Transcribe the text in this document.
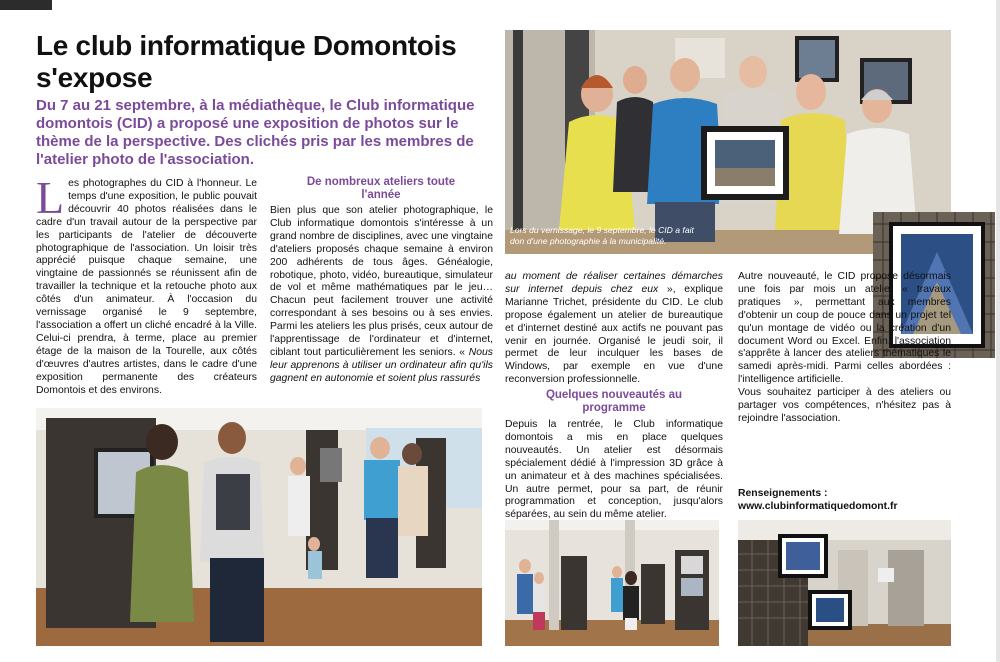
Le club informatique Domontois s'expose

Du 7 au 21 septembre, à la médiathèque, le Club informatique domontois (CID) a proposé une exposition de photos sur le thème de la perspective. Des clichés pris par les membres de l'atelier photo de l'association.

Lors du vernissage, le 9 septembre, le CID a fait don d'une photographie à la municipalité.

Les photographes du CID à l'honneur. Le temps d'une exposition, le public pouvait découvrir 40 photos réalisées dans le cadre d'un travail autour de la perspective par les participants de l'atelier de découverte photographique de l'association. Un loisir très apprécié puisque chaque semaine, une vingtaine de passionnés se réunissent afin de travailler la technique et la retouche photo aux côtés d'un animateur. À l'occasion du vernissage organisé le 9 septembre, l'association a offert un cliché encadré à la Ville. Celui-ci prendra, à terme, place au premier étage de la maison de la Tourelle, aux côtés d'œuvres d'autres artistes, dans le cadre d'une exposition permanente des créateurs Domontois et des environs.

De nombreux ateliers toute l'année

Bien plus que son atelier photographique, le Club informatique domontois s'intéresse à un grand nombre de disciplines, avec une vingtaine d'ateliers proposés chaque semaine à environ 200 adhérents de tous âges. Généalogie, robotique, photo, vidéo, bureautique, simulateur de vol et même mathématiques par le jeu… Chacun peut facilement trouver une activité correspondant à ses besoins ou à ses envies. Parmi les ateliers les plus prisés, ceux autour de l'apprentissage de l'ordinateur et d'internet, ciblant tout particulièrement les seniors. « Nous leur apprenons à utiliser un ordinateur afin qu'ils gagnent en autonomie et soient plus rassurés

au moment de réaliser certaines démarches sur internet depuis chez eux », explique Marianne Trichet, présidente du CID. Le club propose également un atelier de bureautique et d'internet destiné aux actifs ne pouvant pas venir en journée. Organisé le jeudi soir, il permet de leur inculquer les bases de Windows, par exemple en vue d'une reconversion professionnelle.

Quelques nouveautés au programme

Depuis la rentrée, le Club informatique domontois a mis en place quelques nouveautés. Un atelier est désormais spécialement dédié à l'impression 3D grâce à un animateur et à des machines spécialisées. Un autre permet, pour sa part, de réunir programmation et conception, jusqu'alors séparées, au sein du même atelier.

Autre nouveauté, le CID propose désormais une fois par mois un atelier « travaux pratiques », permettant aux membres d'obtenir un coup de pouce dans un projet tel qu'un montage de vidéo ou la création d'un document Word ou Excel. Enfin, l'association s'apprête à lancer des ateliers thématiques le samedi après-midi. Parmi celles abordées : l'intelligence artificielle.

Vous souhaitez participer à des ateliers ou partager vos compétences, n'hésitez pas à rejoindre l'association.

Renseignements :
www.clubinformatiquedomont.fr
